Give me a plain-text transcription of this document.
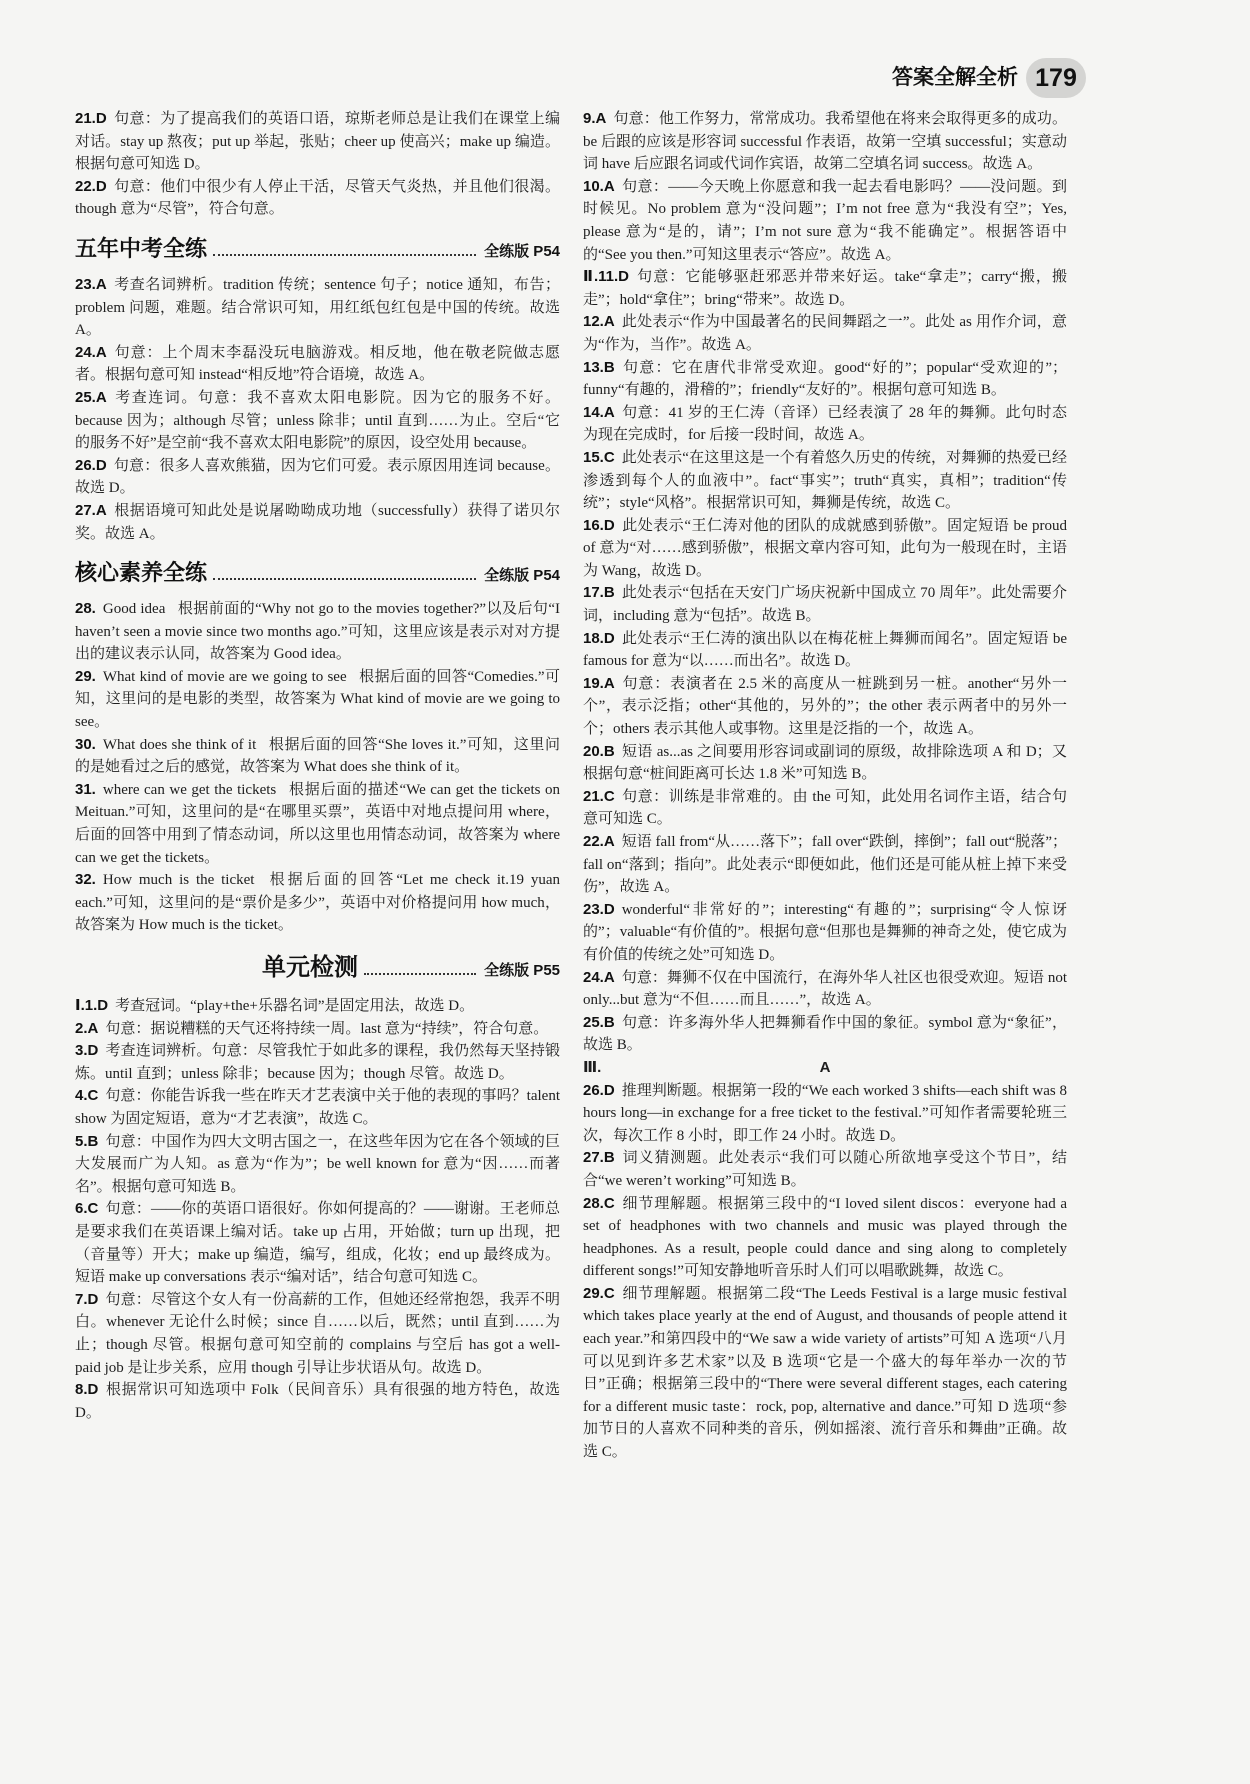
答案全解全析 179

21.D 句意：为了提高我们的英语口语，琼斯老师总是让我们在课堂上编对话。stay up 熬夜；put up 举起，张贴；cheer up 使高兴；make up 编造。根据句意可知选 D。

22.D 句意：他们中很少有人停止干活，尽管天气炎热，并且他们很渴。though 意为“尽管”，符合句意。

五年中考全练	全练版 P54

23.A 考查名词辨析。tradition 传统；sentence 句子；notice 通知，布告；problem 问题，难题。结合常识可知，用红纸包红包是中国的传统。故选 A。

24.A 句意：上个周末李磊没玩电脑游戏。相反地，他在敬老院做志愿者。根据句意可知 instead“相反地”符合语境，故选 A。

25.A 考查连词。句意：我不喜欢太阳电影院。因为它的服务不好。because 因为；although 尽管；unless 除非；until 直到……为止。空后“它的服务不好”是空前“我不喜欢太阳电影院”的原因，设空处用 because。

26.D 句意：很多人喜欢熊猫，因为它们可爱。表示原因用连词 because。故选 D。

27.A 根据语境可知此处是说屠呦呦成功地（successfully）获得了诺贝尔奖。故选 A。

核心素养全练	全练版 P54

28. Good idea 根据前面的“Why not go to the movies together?”以及后句“I haven’t seen a movie since two months ago.”可知，这里应该是表示对对方提出的建议表示认同，故答案为 Good idea。

29. What kind of movie are we going to see 根据后面的回答“Comedies.”可知，这里问的是电影的类型，故答案为 What kind of movie are we going to see。

30. What does she think of it 根据后面的回答“She loves it.”可知，这里问的是她看过之后的感觉，故答案为 What does she think of it。

31. where can we get the tickets 根据后面的描述“We can get the tickets on Meituan.”可知，这里问的是“在哪里买票”，英语中对地点提问用 where，后面的回答中用到了情态动词，所以这里也用情态动词，故答案为 where can we get the tickets。

32. How much is the ticket 根据后面的回答“Let me check it.19 yuan each.”可知，这里问的是“票价是多少”，英语中对价格提问用 how much，故答案为 How much is the ticket。

单元检测	全练版 P55

Ⅰ.1.D 考查冠词。“play+the+乐器名词”是固定用法，故选 D。

2.A 句意：据说糟糕的天气还将持续一周。last 意为“持续”，符合句意。

3.D 考查连词辨析。句意：尽管我忙于如此多的课程，我仍然每天坚持锻炼。until 直到；unless 除非；because 因为；though 尽管。故选 D。

4.C 句意：你能告诉我一些在昨天才艺表演中关于他的表现的事吗？talent show 为固定短语，意为“才艺表演”，故选 C。

5.B 句意：中国作为四大文明古国之一，在这些年因为它在各个领域的巨大发展而广为人知。as 意为“作为”；be well known for 意为“因……而著名”。根据句意可知选 B。

6.C 句意：——你的英语口语很好。你如何提高的？——谢谢。王老师总是要求我们在英语课上编对话。take up 占用，开始做；turn up 出现，把（音量等）开大；make up 编造，编写，组成，化妆；end up 最终成为。短语 make up conversations 表示“编对话”，结合句意可知选 C。

7.D 句意：尽管这个女人有一份高薪的工作，但她还经常抱怨，我弄不明白。whenever 无论什么时候；since 自……以后，既然；until 直到……为止；though 尽管。根据句意可知空前的 complains 与空后 has got a well-paid job 是让步关系，应用 though 引导让步状语从句。故选 D。

8.D 根据常识可知选项中 Folk（民间音乐）具有很强的地方特色，故选 D。

9.A 句意：他工作努力，常常成功。我希望他在将来会取得更多的成功。be 后跟的应该是形容词 successful 作表语，故第一空填 successful；实意动词 have 后应跟名词或代词作宾语，故第二空填名词 success。故选 A。

10.A 句意：——今天晚上你愿意和我一起去看电影吗？——没问题。到时候见。No problem 意为“没问题”；I’m not free 意为“我没有空”；Yes, please 意为“是的，请”；I’m not sure 意为“我不能确定”。根据答语中的“See you then.”可知这里表示“答应”。故选 A。

Ⅱ.11.D 句意：它能够驱赶邪恶并带来好运。take“拿走”；carry“搬，搬走”；hold“拿住”；bring“带来”。故选 D。

12.A 此处表示“作为中国最著名的民间舞蹈之一”。此处 as 用作介词，意为“作为，当作”。故选 A。

13.B 句意：它在唐代非常受欢迎。good“好的”；popular“受欢迎的”；funny“有趣的，滑稽的”；friendly“友好的”。根据句意可知选 B。

14.A 句意：41 岁的王仁涛（音译）已经表演了 28 年的舞狮。此句时态为现在完成时，for 后接一段时间，故选 A。

15.C 此处表示“在这里这是一个有着悠久历史的传统，对舞狮的热爱已经渗透到每个人的血液中”。fact“事实”；truth“真实，真相”；tradition“传统”；style“风格”。根据常识可知，舞狮是传统，故选 C。

16.D 此处表示“王仁涛对他的团队的成就感到骄傲”。固定短语 be proud of 意为“对……感到骄傲”，根据文章内容可知，此句为一般现在时，主语为 Wang，故选 D。

17.B 此处表示“包括在天安门广场庆祝新中国成立 70 周年”。此处需要介词，including 意为“包括”。故选 B。

18.D 此处表示“王仁涛的演出队以在梅花桩上舞狮而闻名”。固定短语 be famous for 意为“以……而出名”。故选 D。

19.A 句意：表演者在 2.5 米的高度从一桩跳到另一桩。another“另外一个”，表示泛指；other“其他的，另外的”；the other 表示两者中的另外一个；others 表示其他人或事物。这里是泛指的一个，故选 A。

20.B 短语 as...as 之间要用形容词或副词的原级，故排除选项 A 和 D；又根据句意“桩间距离可长达 1.8 米”可知选 B。

21.C 句意：训练是非常难的。由 the 可知，此处用名词作主语，结合句意可知选 C。

22.A 短语 fall from“从……落下”；fall over“跌倒，摔倒”；fall out“脱落”；fall on“落到；指向”。此处表示“即便如此，他们还是可能从桩上掉下来受伤”，故选 A。

23.D wonderful“非常好的”；interesting“有趣的”；surprising“令人惊讶的”；valuable“有价值的”。根据句意“但那也是舞狮的神奇之处，使它成为有价值的传统之处”可知选 D。

24.A 句意：舞狮不仅在中国流行，在海外华人社区也很受欢迎。短语 not only...but 意为“不但……而且……”，故选 A。

25.B 句意：许多海外华人把舞狮看作中国的象征。symbol 意为“象征”，故选 B。

Ⅲ.	A

26.D 推理判断题。根据第一段的“We each worked 3 shifts—each shift was 8 hours long—in exchange for a free ticket to the festival.”可知作者需要轮班三次，每次工作 8 小时，即工作 24 小时。故选 D。

27.B 词义猜测题。此处表示“我们可以随心所欲地享受这个节日”，结合“we weren’t working”可知选 B。

28.C 细节理解题。根据第三段中的“I loved silent discos：everyone had a set of headphones with two channels and music was played through the headphones. As a result, people could dance and sing along to completely different songs!”可知安静地听音乐时人们可以唱歌跳舞，故选 C。

29.C 细节理解题。根据第二段“The Leeds Festival is a large music festival which takes place yearly at the end of August, and thousands of people attend it each year.”和第四段中的“We saw a wide variety of artists”可知 A 选项“八月可以见到许多艺术家”以及 B 选项“它是一个盛大的每年举办一次的节日”正确；根据第三段中的“There were several different stages, each catering for a different music taste：rock, pop, alternative and dance.”可知 D 选项“参加节日的人喜欢不同种类的音乐，例如摇滚、流行音乐和舞曲”正确。故选 C。
